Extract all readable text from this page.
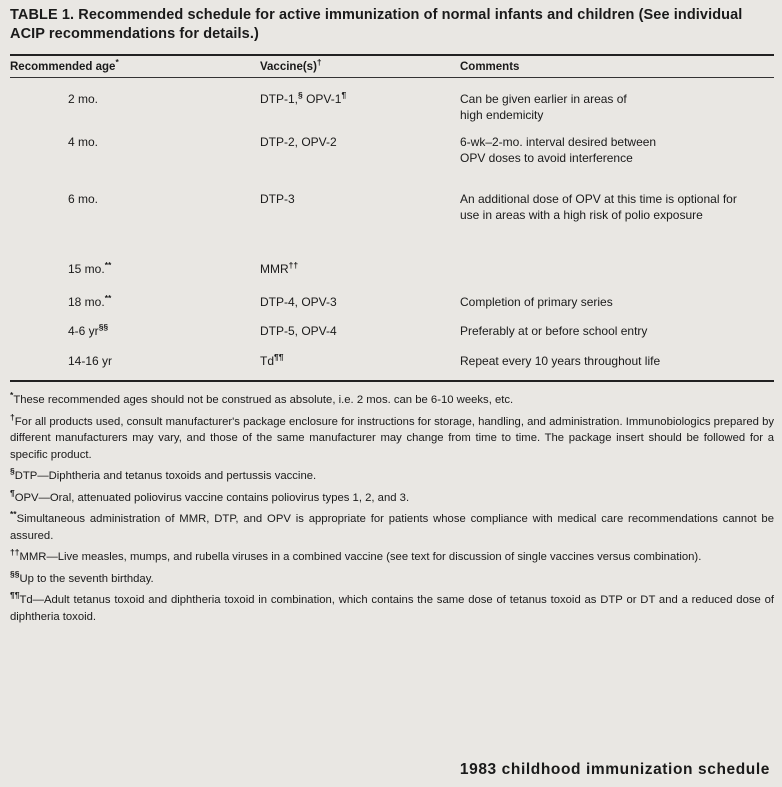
TABLE 1. Recommended schedule for active immunization of normal infants and children (See individual ACIP recommendations for details.)
Recommended age*	Vaccine(s)†	Comments
2 mo.	DTP-1,§ OPV-1¶	Can be given earlier in areas of high endemicity

4 mo.	DTP-2, OPV-2	6-wk–2-mo. interval desired between OPV doses to avoid interference

6 mo.	DTP-3	An additional dose of OPV at this time is optional for use in areas with a high risk of polio exposure

15 mo.**	MMR††	
18 mo.**	DTP-4, OPV-3	Completion of primary series
4-6 yr§§	DTP-5, OPV-4	Preferably at or before school entry
14-16 yr	Td¶¶	Repeat every 10 years throughout life

*These recommended ages should not be construed as absolute, i.e. 2 mos. can be 6-10 weeks, etc.

†For all products used, consult manufacturer's package enclosure for instructions for storage, handling, and administration. Immunobiologics prepared by different manufacturers may vary, and those of the same manufacturer may change from time to time. The package insert should be followed for a specific product.

§DTP—Diphtheria and tetanus toxoids and pertussis vaccine.

¶OPV—Oral, attenuated poliovirus vaccine contains poliovirus types 1, 2, and 3.

**Simultaneous administration of MMR, DTP, and OPV is appropriate for patients whose compliance with medical care recommendations cannot be assured.

††MMR—Live measles, mumps, and rubella viruses in a combined vaccine (see text for discussion of single vaccines versus combination).

§§Up to the seventh birthday.

¶¶Td—Adult tetanus toxoid and diphtheria toxoid in combination, which contains the same dose of tetanus toxoid as DTP or DT and a reduced dose of diphtheria toxoid.

1983 childhood immunization schedule
